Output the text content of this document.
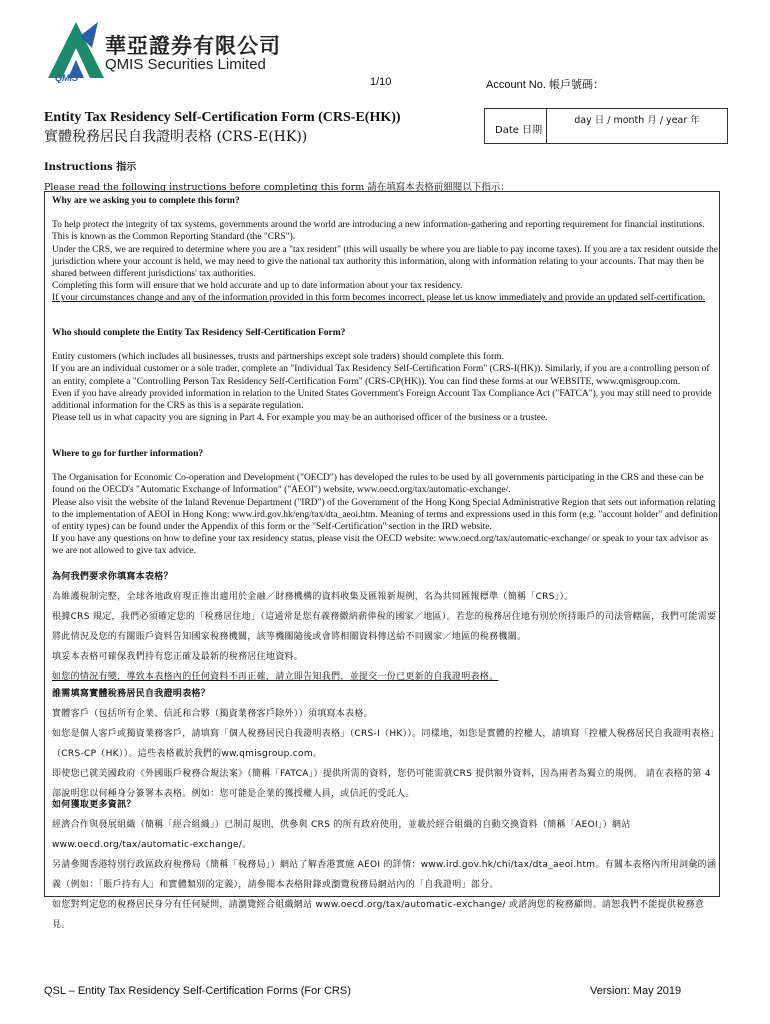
華亞證券有限公司
QMIS Securities Limited
QMIS	1/10	Account No. 帳戶號碼：
Entity Tax Residency Self-Certification Form (CRS-E(HK))
實體稅務居民自我證明表格 (CRS-E(HK))	Date 日期
day 日 / month 月 / year 年
Instructions 指示
Please read the following instructions before completing this form 請在填寫本表格前細閱以下指示：

Why are we asking you to complete this form?

To help protect the integrity of tax systems, governments around the world are introducing a new information-gathering and reporting requirement for financial institutions. This is known as the Common Reporting Standard (the "CRS").

Under the CRS, we are required to determine where you are a "tax resident" (this will usually be where you are liable to pay income taxes). If you are a tax resident outside the jurisdiction where your account is held, we may need to give the national tax authority this information, along with information relating to your accounts. That may then be shared between different jurisdictions' tax authorities.

Completing this form will ensure that we hold accurate and up to date information about your tax residency.

If your circumstances change and any of the information provided in this form becomes incorrect, please let us know immediately and provide an updated self-certification.

Who should complete the Entity Tax Residency Self-Certification Form?

Entity customers (which includes all businesses, trusts and partnerships except sole traders) should complete this form.

If you are an individual customer or a sole trader, complete an "Individual Tax Residency Self-Certification Form" (CRS-I(HK)). Similarly, if you are a controlling person of an entity, complete a "Controlling Person Tax Residency Self-Certification Form" (CRS-CP(HK)). You can find these forms at our WEBSITE, www.qmisgroup.com.

Even if you have already provided information in relation to the United States Government's Foreign Account Tax Compliance Act ("FATCA"), you may still need to provide additional information for the CRS as this is a separate regulation.

Please tell us in what capacity you are signing in Part 4. For example you may be an authorised officer of the business or a trustee.

Where to go for further information?

The Organisation for Economic Co-operation and Development ("OECD") has developed the rules to be used by all governments participating in the CRS and these can be found on the OECD's "Automatic Exchange of Information" ("AEOI") website, www.oecd.org/tax/automatic-exchange/.

Please also visit the website of the Inland Revenue Department ("IRD") of the Government of the Hong Kong Special Administrative Region that sets out information relating to the implementation of AEOI in Hong Kong: www.ird.gov.hk/eng/tax/dta_aeoi.htm. Meaning of terms and expressions used in this form (e.g. "account holder" and definition of entity types) can be found under the Appendix of this form or the "Self-Certification" section in the IRD website.

If you have any questions on how to define your tax residency status, please visit the OECD website: www.oecd.org/tax/automatic-exchange/ or speak to your tax advisor as we are not allowed to give tax advice.

為何我們要求你填寫本表格？

為維護稅制完整，全球各地政府現正推出適用於金融／財務機構的資料收集及匯報新規例，名為共同匯報標準（簡稱「CRS」）。

根據CRS 規定，我們必須確定您的「稅務居住地」（這通常是您有義務繳納薪俸稅的國家／地區）。若您的稅務居住地有別於所持賬戶的司法管轄區，我們可能需要將此情況及您的有關賬戶資料告知國家稅務機關，該等機關隨後或會將相關資料傳送給不同國家／地區的稅務機關。

填妥本表格可確保我們持有您正確及最新的稅務居住地資料。

如您的情況有變，導致本表格內的任何資料不再正確，請立即告知我們，並提交一份已更新的自我證明表格。

誰需填寫實體稅務居民自我證明表格？

實體客戶（包括所有企業、信託和合夥（獨資業務客戶除外））須填寫本表格。

如您是個人客戶或獨資業務客戶，請填寫「個人稅務居民自我證明表格」（CRS-I（HK））。同樣地，如您是實體的控權人，請填寫「控權人稅務居民自我證明表格」（CRS-CP（HK））。這些表格載於我們的ww.qmisgroup.com。

即使您已就美國政府《外國賬戶稅務合規法案》（簡稱「FATCA」）提供所需的資料，您仍可能需就CRS 提供額外資料，因為兩者為獨立的規例。 請在表格的第 4 部說明您以何種身分簽署本表格。例如：您可能是企業的獲授權人員，或信託的受託人。

如何獲取更多資訊？

經濟合作與發展組織（簡稱「經合組織」）已制訂規則，供參與 CRS 的所有政府使用，並載於經合組織的自動交換資料（簡稱「AEOI」）網站 www.oecd.org/tax/automatic-exchange/。

另請參閱香港特別行政區政府稅務局（簡稱「稅務局」）網站了解香港實施 AEOI 的詳情：www.ird.gov.hk/chi/tax/dta_aeoi.htm。有關本表格內所用詞彙的涵義（例如：「賬戶持有人」和實體類別的定義），請參閱本表格附錄或瀏覽稅務局網站內的「自我證明」部分。

如您對判定您的稅務居民身分有任何疑問，請瀏覽經合組織網站 www.oecd.org/tax/automatic-exchange/ 或諮詢您的稅務顧問。請恕我們不能提供稅務意見。

QSL – Entity Tax Residency Self-Certification Forms (For CRS)	Version: May 2019
